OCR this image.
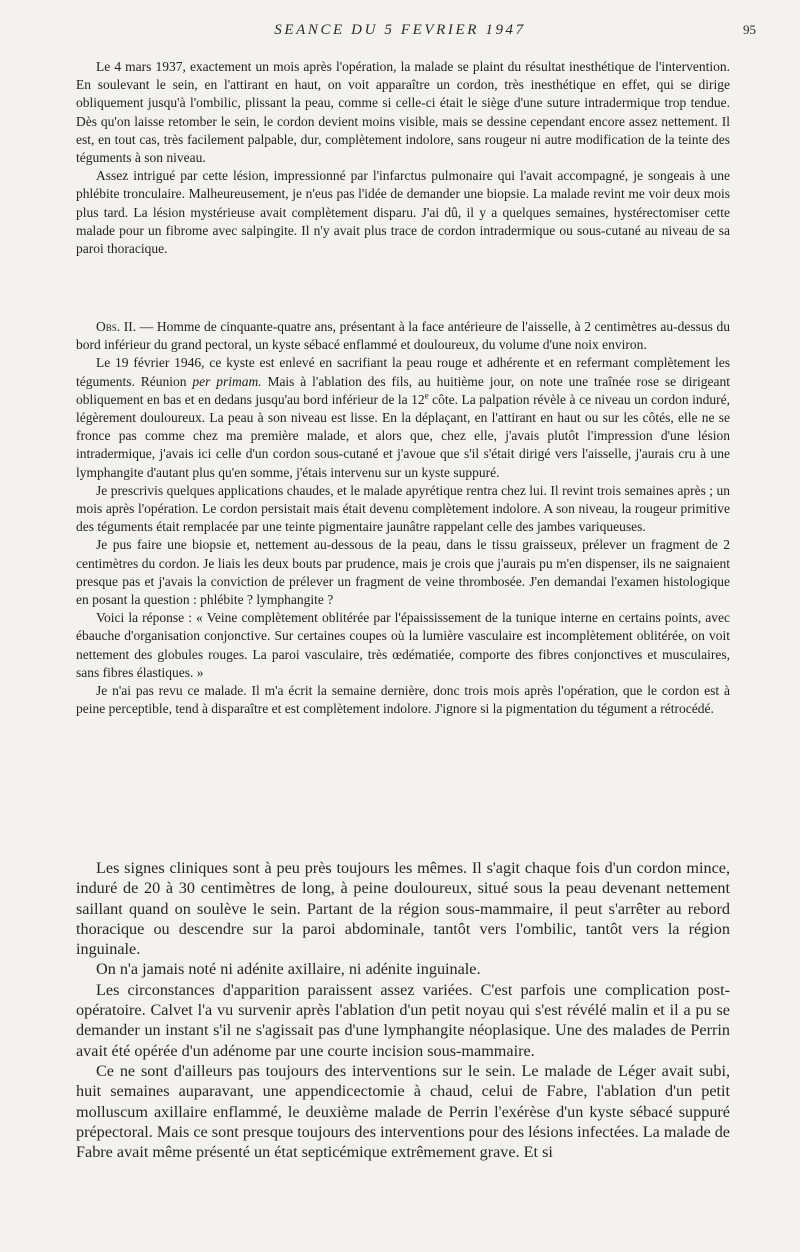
SEANCE DU 5 FEVRIER 1947	95

Le 4 mars 1937, exactement un mois après l'opération, la malade se plaint du résultat inesthétique de l'intervention. En soulevant le sein, en l'attirant en haut, on voit apparaître un cordon, très inesthétique en effet, qui se dirige obliquement jusqu'à l'ombilic, plissant la peau, comme si celle-ci était le siège d'une suture intradermique trop tendue. Dès qu'on laisse retomber le sein, le cordon devient moins visible, mais se dessine cependant encore assez nettement. Il est, en tout cas, très facilement palpable, dur, complètement indolore, sans rougeur ni autre modification de la teinte des téguments à son niveau.

Assez intrigué par cette lésion, impressionné par l'infarctus pulmonaire qui l'avait accompagné, je songeais à une phlébite tronculaire. Malheureusement, je n'eus pas l'idée de demander une biopsie. La malade revint me voir deux mois plus tard. La lésion mystérieuse avait complètement disparu. J'ai dû, il y a quelques semaines, hystérectomiser cette malade pour un fibrome avec salpingite. Il n'y avait plus trace de cordon intradermique ou sous-cutané au niveau de sa paroi thoracique.

Obs. II. — Homme de cinquante-quatre ans, présentant à la face antérieure de l'aisselle, à 2 centimètres au-dessus du bord inférieur du grand pectoral, un kyste sébacé enflammé et douloureux, du volume d'une noix environ.

Le 19 février 1946, ce kyste est enlevé en sacrifiant la peau rouge et adhérente et en refermant complètement les téguments. Réunion per primam. Mais à l'ablation des fils, au huitième jour, on note une traînée rose se dirigeant obliquement en bas et en dedans jusqu'au bord inférieur de la 12e côte. La palpation révèle à ce niveau un cordon induré, légèrement douloureux. La peau à son niveau est lisse. En la déplaçant, en l'attirant en haut ou sur les côtés, elle ne se fronce pas comme chez ma première malade, et alors que, chez elle, j'avais plutôt l'impression d'une lésion intradermique, j'avais ici celle d'un cordon sous-cutané et j'avoue que s'il s'était dirigé vers l'aisselle, j'aurais cru à une lymphangite d'autant plus qu'en somme, j'étais intervenu sur un kyste suppuré.

Je prescrivis quelques applications chaudes, et le malade apyrétique rentra chez lui. Il revint trois semaines après ; un mois après l'opération. Le cordon persistait mais était devenu complètement indolore. A son niveau, la rougeur primitive des téguments était remplacée par une teinte pigmentaire jaunâtre rappelant celle des jambes variqueuses.

Je pus faire une biopsie et, nettement au-dessous de la peau, dans le tissu graisseux, prélever un fragment de 2 centimètres du cordon. Je liais les deux bouts par prudence, mais je crois que j'aurais pu m'en dispenser, ils ne saignaient presque pas et j'avais la conviction de prélever un fragment de veine thrombosée. J'en demandai l'examen histologique en posant la question : phlébite ? lymphangite ?

Voici la réponse : « Veine complètement oblitérée par l'épaississement de la tunique interne en certains points, avec ébauche d'organisation conjonctive. Sur certaines coupes où la lumière vasculaire est incomplètement oblitérée, on voit nettement des globules rouges. La paroi vasculaire, très œdématiée, comporte des fibres conjonctives et musculaires, sans fibres élastiques. »

Je n'ai pas revu ce malade. Il m'a écrit la semaine dernière, donc trois mois après l'opération, que le cordon est à peine perceptible, tend à disparaître et est complètement indolore. J'ignore si la pigmentation du tégument a rétrocédé.

Les signes cliniques sont à peu près toujours les mêmes. Il s'agit chaque fois d'un cordon mince, induré de 20 à 30 centimètres de long, à peine douloureux, situé sous la peau devenant nettement saillant quand on soulève le sein. Partant de la région sous-mammaire, il peut s'arrêter au rebord thoracique ou descendre sur la paroi abdominale, tantôt vers l'ombilic, tantôt vers la région inguinale.

On n'a jamais noté ni adénite axillaire, ni adénite inguinale.

Les circonstances d'apparition paraissent assez variées. C'est parfois une complication post-opératoire. Calvet l'a vu survenir après l'ablation d'un petit noyau qui s'est révélé malin et il a pu se demander un instant s'il ne s'agissait pas d'une lymphangite néoplasique. Une des malades de Perrin avait été opérée d'un adénome par une courte incision sous-mammaire.

Ce ne sont d'ailleurs pas toujours des interventions sur le sein. Le malade de Léger avait subi, huit semaines auparavant, une appendicectomie à chaud, celui de Fabre, l'ablation d'un petit molluscum axillaire enflammé, le deuxième malade de Perrin l'exérèse d'un kyste sébacé suppuré prépectoral. Mais ce sont presque toujours des interventions pour des lésions infectées. La malade de Fabre avait même présenté un état septicémique extrêmement grave. Et si
